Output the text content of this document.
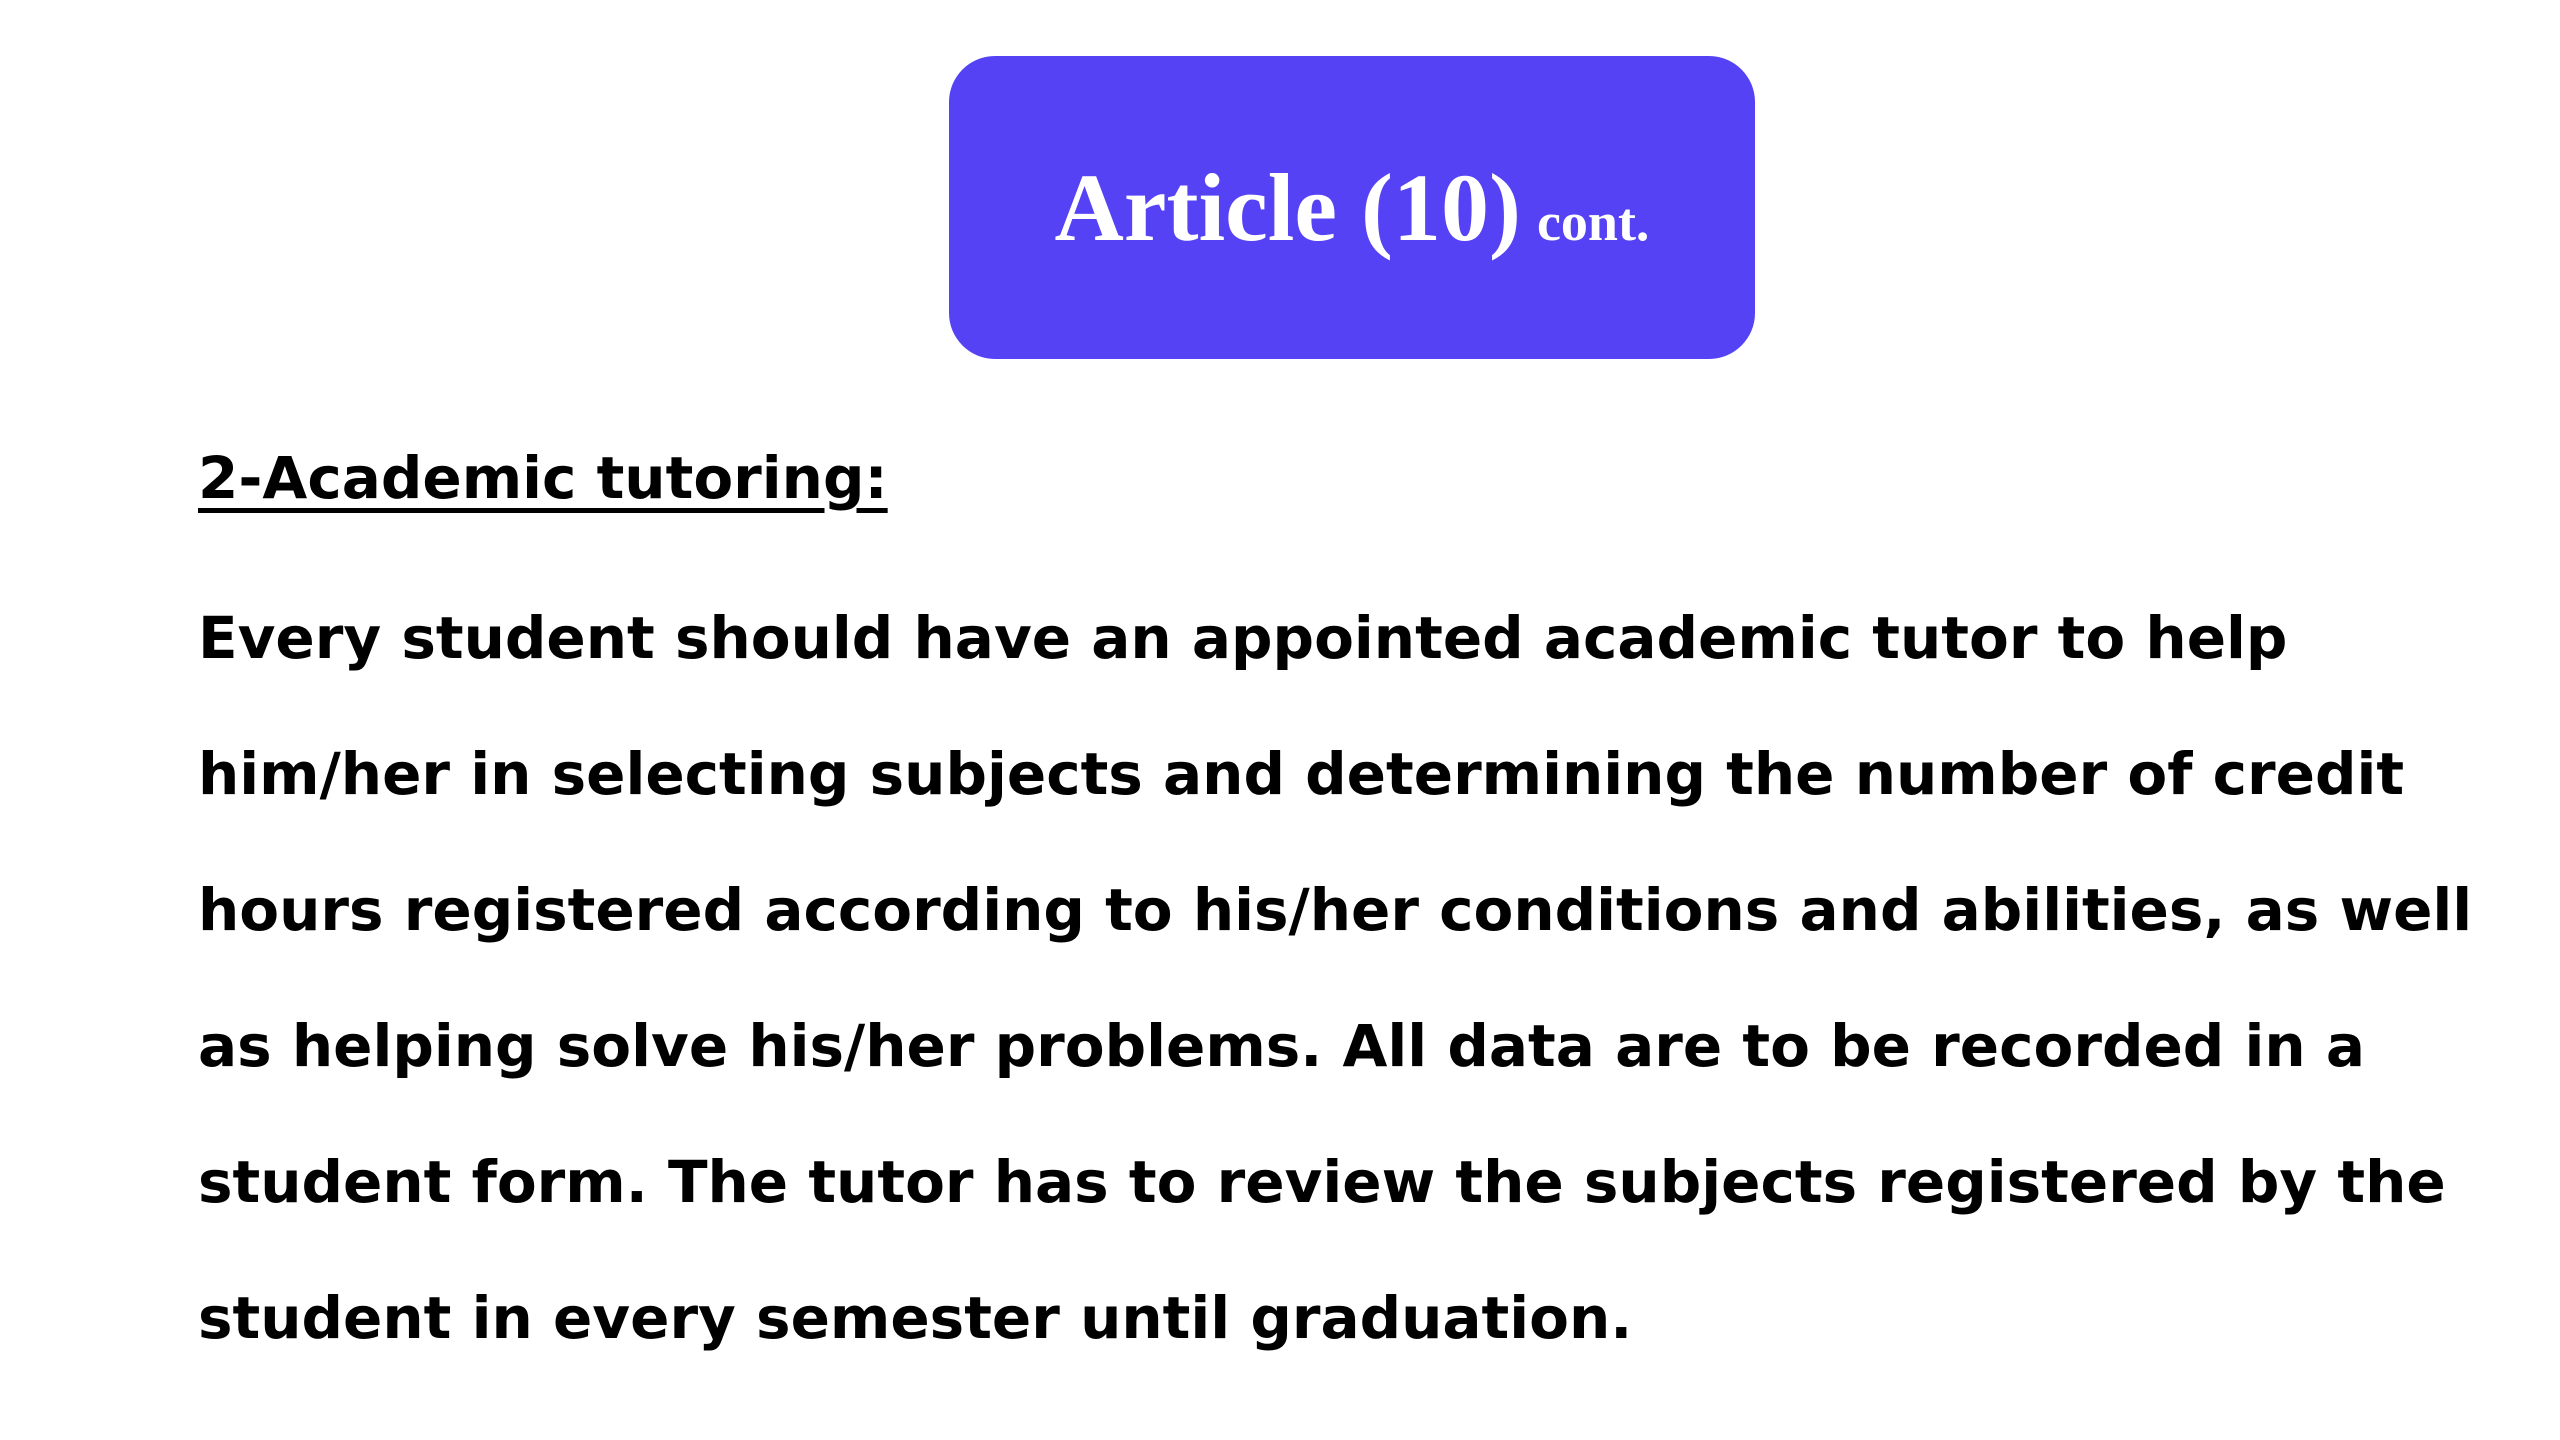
Article (10) cont.
2-Academic tutoring:
Every student should have an appointed academic tutor to help
him/her in selecting subjects and determining the number of credit
hours registered according to his/her conditions and abilities, as well
as helping solve his/her problems. All data are to be recorded in a
student form. The tutor has to review the subjects registered by the
student in every semester until graduation.
